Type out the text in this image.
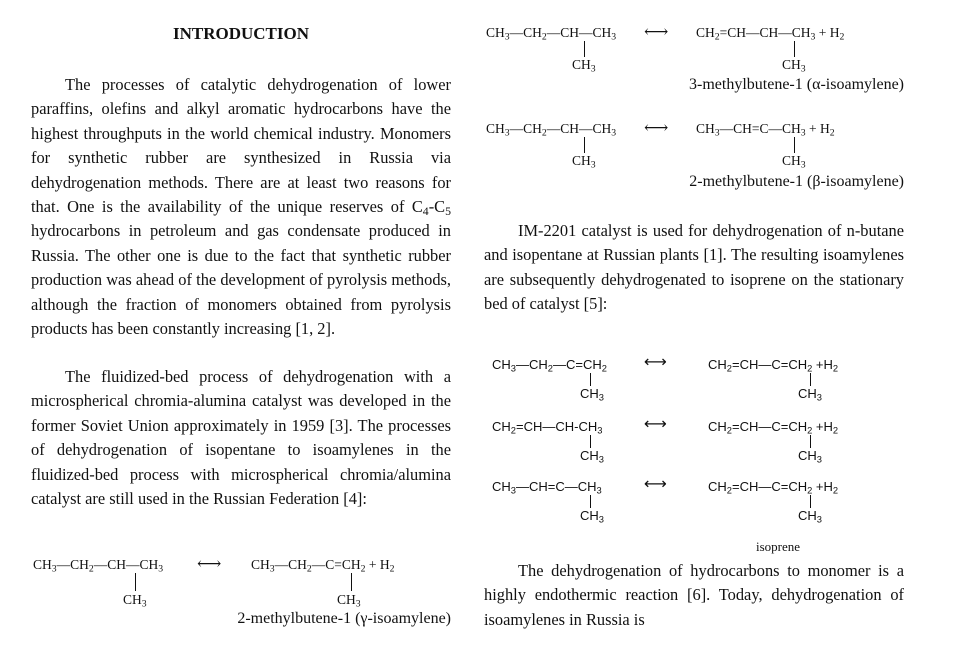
INTRODUCTION

The processes of catalytic dehydrogenation of lower paraffins, olefins and alkyl aromatic hydrocarbons have the highest throughputs in the world chemical industry. Monomers for synthetic rubber are synthesized in Russia via dehydrogenation methods. There are at least two reasons for that. One is the availability of the unique reserves of $C_4-C_5$ hydrocarbons in petroleum and gas condensate produced in Russia. The other one is due to the fact that synthetic rubber production was ahead of the development of pyrolysis methods, although the fraction of monomers obtained from pyrolysis products has been constantly increasing [1, 2].

The fluidized-bed process of dehydrogenation with a microspherical chromia-alumina catalyst was developed in the former Soviet Union approximately in 1959 [3]. The processes of dehydrogenation of isopentane to isoamylenes in the fluidized-bed process with microspherical chromia/alumina catalyst are still used in the Russian Federation [4]:

$CH_3—CH_2—CH—CH_3$ ⟷ $CH_3—CH_2—C=CH_2 + H_2$
$CH_3$	$CH_3$
2-methylbutene-1 (γ-isoamylene)
$CH_3—CH_2—CH—CH_3$ ⟷ $CH_2=CH—CH—CH_3 + H_2$
$CH_3$	$CH_3$
3-methylbutene-1 (α-isoamylene)
$CH_3—CH_2—CH—CH_3$ ⟷ $CH_3—CH=C—CH_3 + H_2$
$CH_3$	$CH_3$
2-methylbutene-1 (β-isoamylene)

IM-2201 catalyst is used for dehydrogenation of n-butane and isopentane at Russian plants [1]. The resulting isoamylenes are subsequently dehydrogenated to isoprene on the stationary bed of catalyst [5]:

$CH_3—CH_2—C=CH_2$ ⟷	$CH_2=CH—C=CH_2 +H_2$
$CH_3$	$CH_3$
$CH_2=CH—CH-CH_3$	⟷	$CH_2=CH—C=CH_2 +H_2$
$CH_3$	$CH_3$
$CH_3—CH=C—CH_3$	⟷	$CH_2=CH—C=CH_2 +H_2$
$CH_3$	$CH_3$
isoprene

The dehydrogenation of hydrocarbons to monomer is a highly endothermic reaction [6]. Today, dehydrogenation of isoamylenes in Russia is
